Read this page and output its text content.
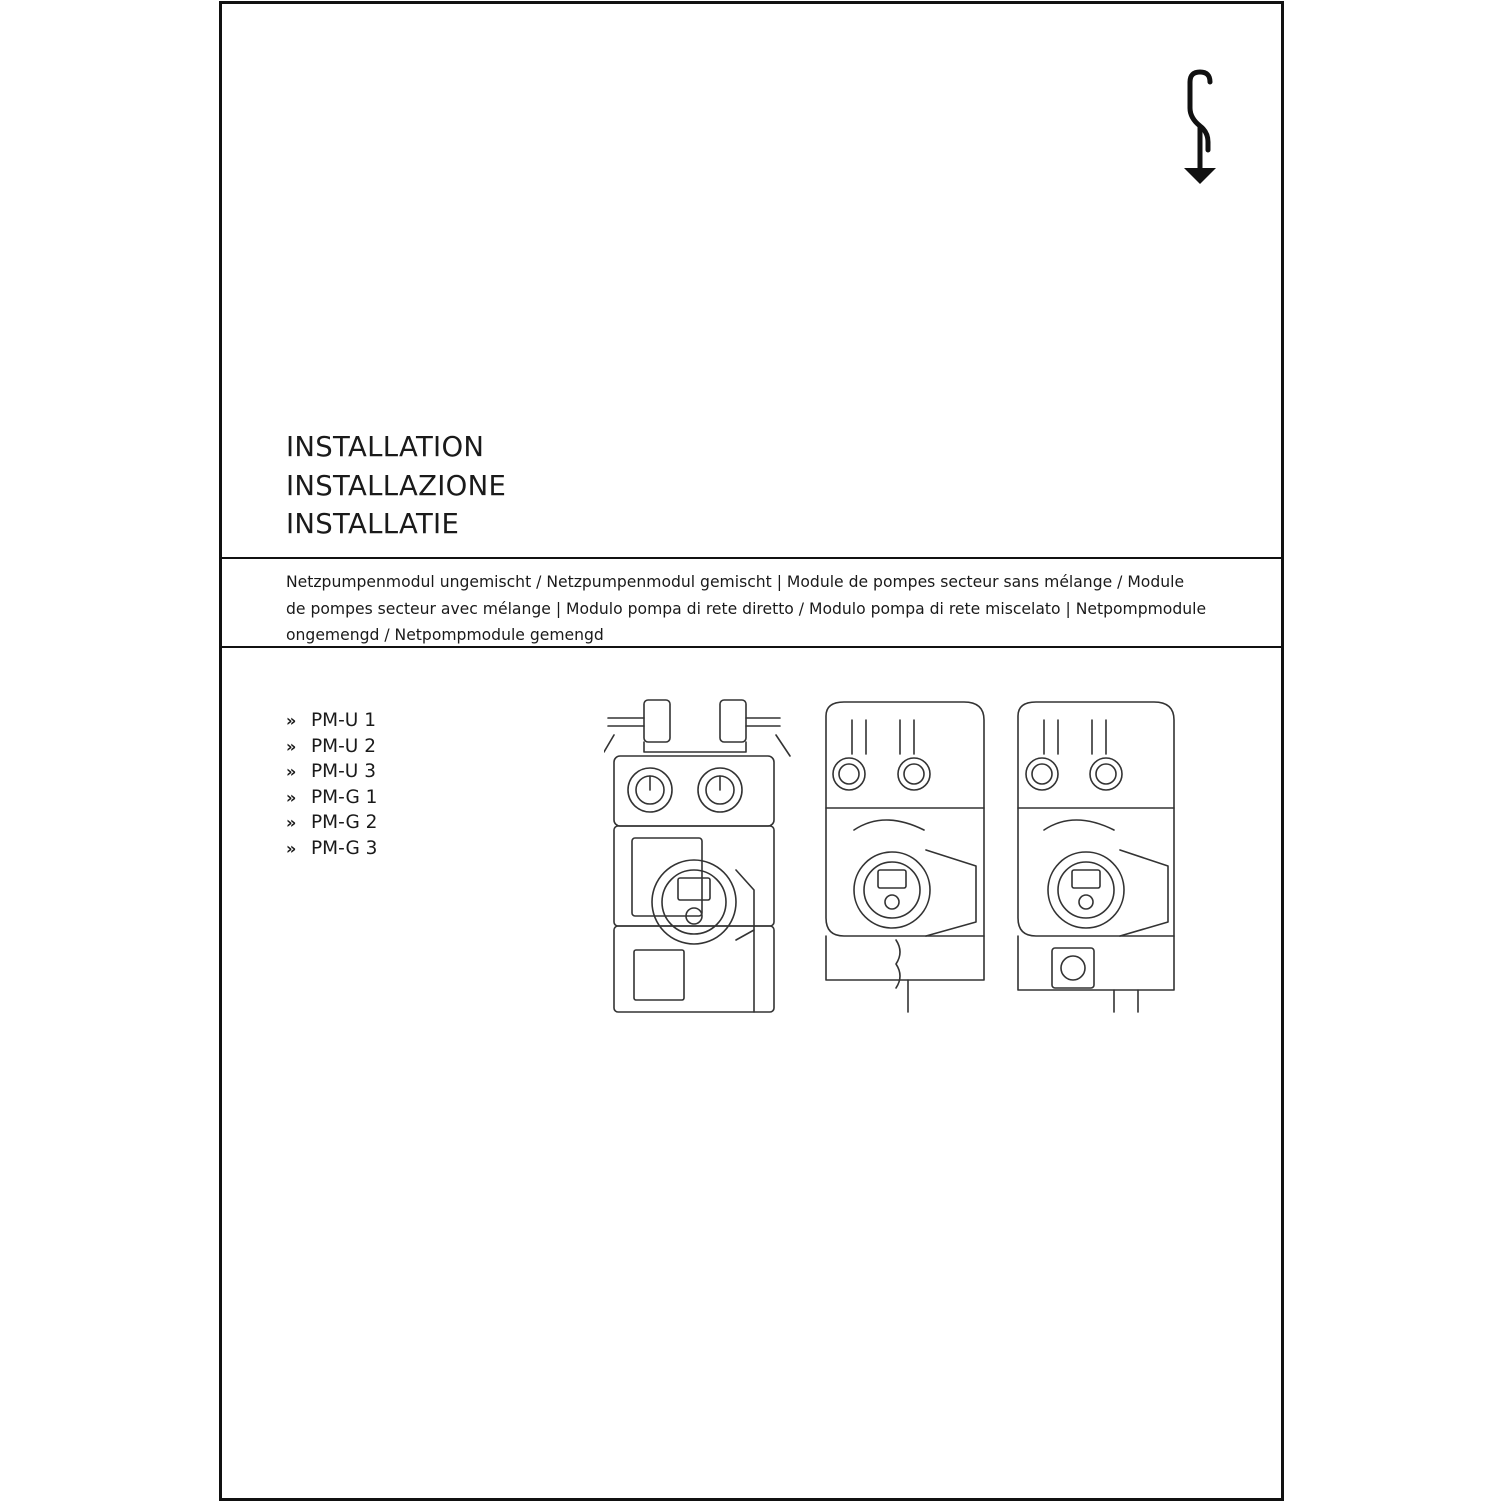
INSTALLATION
INSTALLAZIONE
INSTALLATIE
Netzpumpenmodul ungemischt / Netzpumpenmodul gemischt | Module de pompes secteur sans mélange / Module
de pompes secteur avec mélange | Modulo pompa di rete diretto / Modulo pompa di rete miscelato | Netpompmodule
ongemengd / Netpompmodule gemengd
» PM-U 1
» PM-U 2
» PM-U 3
» PM-G 1
» PM-G 2
» PM-G 3
